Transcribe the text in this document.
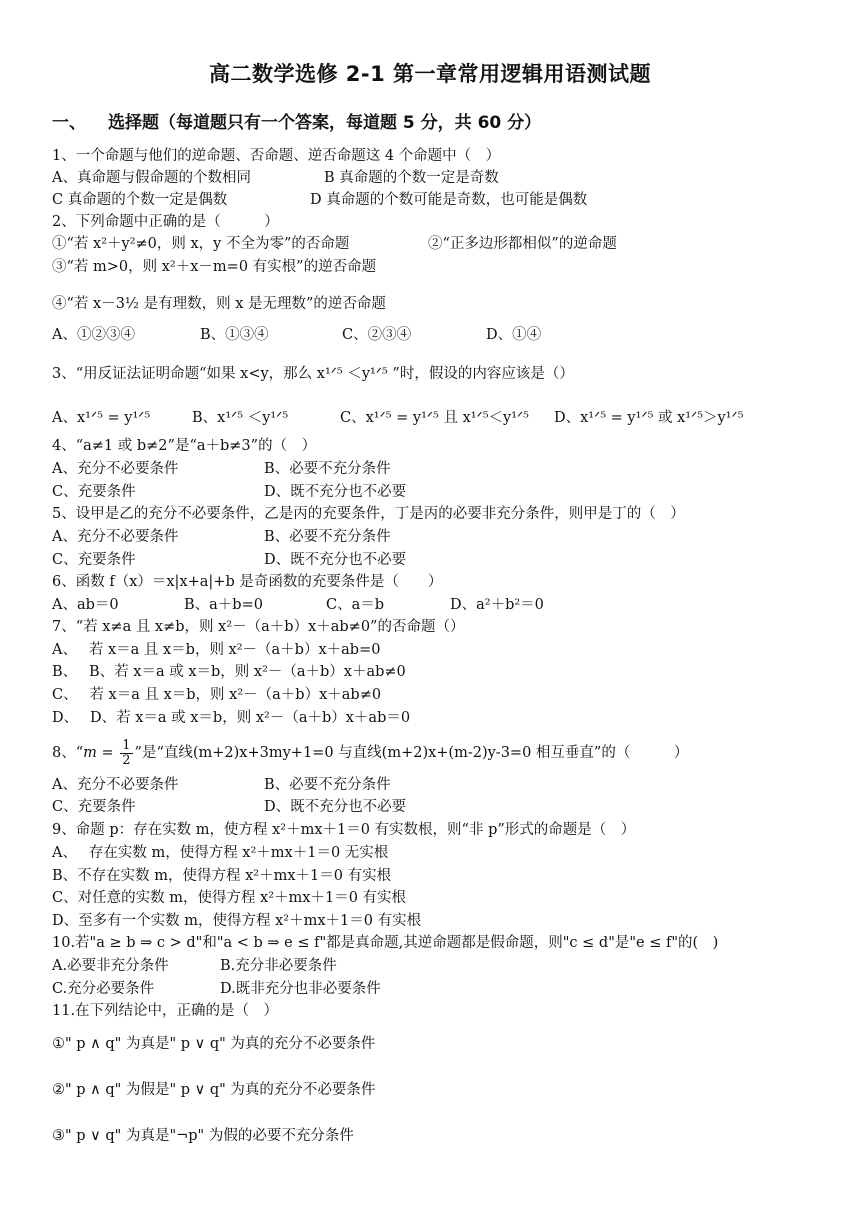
高二数学选修 2-1 第一章常用逻辑用语测试题
一、 选择题（每道题只有一个答案，每道题 5 分，共 60 分）
1、一个命题与他们的逆命题、否命题、逆否命题这 4 个命题中（　）
A、真命题与假命题的个数相同	B 真命题的个数一定是奇数
C 真命题的个数一定是偶数	D 真命题的个数可能是奇数，也可能是偶数
2、下列命题中正确的是（　　　）
①“若 x²＋y²≠0，则 x，y 不全为零”的否命题	②“正多边形都相似”的逆命题
③“若 m>0，则 x²＋x－m=0 有实根”的逆否命题
④“若 x－3½ 是有理数，则 x 是无理数”的逆否命题
A、①②③④	B、①③④	C、②③④	D、①④
3、“用反证法证明命题“如果 x<y，那么 x¹ᐟ⁵ ＜y¹ᐟ⁵ ”时，假设的内容应该是（）
A、x¹ᐟ⁵ = y¹ᐟ⁵	B、x¹ᐟ⁵ ＜y¹ᐟ⁵	C、x¹ᐟ⁵ = y¹ᐟ⁵ 且 x¹ᐟ⁵＜y¹ᐟ⁵ D、x¹ᐟ⁵ = y¹ᐟ⁵ 或 x¹ᐟ⁵＞y¹ᐟ⁵
4、“a≠1 或 b≠2”是“a＋b≠3”的（　）
A、充分不必要条件	B、必要不充分条件
C、充要条件	D、既不充分也不必要
5、设甲是乙的充分不必要条件，乙是丙的充要条件，丁是丙的必要非充分条件，则甲是丁的（　）
A、充分不必要条件	B、必要不充分条件
C、充要条件	D、既不充分也不必要
6、函数 f（x）＝x|x+a|+b 是奇函数的充要条件是（　　）
A、ab＝0	B、a＋b=0	C、a＝b	D、a²＋b²＝0
7、“若 x≠a 且 x≠b，则 x²－（a＋b）x＋ab≠0”的否命题（）
A、　 若 x＝a 且 x＝b，则 x²－（a＋b）x＋ab=0
B、　 B、若 x＝a 或 x＝b，则 x²－（a＋b）x＋ab≠0
C、　 若 x＝a 且 x＝b，则 x²－（a＋b）x＋ab≠0
D、　 D、若 x＝a 或 x＝b，则 x²－（a＋b）x＋ab＝0
8、“$m = \frac{1}{2}$ ”是“直线(m+2)x+3my+1=0 与直线(m+2)x+(m-2)y-3=0 相互垂直”的（　　　）
A、充分不必要条件	B、必要不充分条件
C、充要条件	D、既不充分也不必要
9、命题 p：存在实数 m，使方程 x²＋mx＋1＝0 有实数根，则“非 p”形式的命题是（　）
A、　 存在实数 m，使得方程 x²＋mx＋1＝0 无实根
B、不存在实数 m，使得方程 x²＋mx＋1＝0 有实根
C、对任意的实数 m，使得方程 x²＋mx＋1＝0 有实根
D、至多有一个实数 m，使得方程 x²＋mx＋1＝0 有实根
10.若"a ≥ b ⇒ c > d"和"a < b ⇒ e ≤ f"都是真命题,其逆命题都是假命题，则"c ≤ d"是"e ≤ f"的(　)
A.必要非充分条件	B.充分非必要条件
C.充分必要条件	D.既非充分也非必要条件
11.在下列结论中，正确的是（　）
①" p ∧ q" 为真是" p ∨ q" 为真的充分不必要条件
②" p ∧ q" 为假是" p ∨ q" 为真的充分不必要条件
③" p ∨ q" 为真是"¬p" 为假的必要不充分条件
